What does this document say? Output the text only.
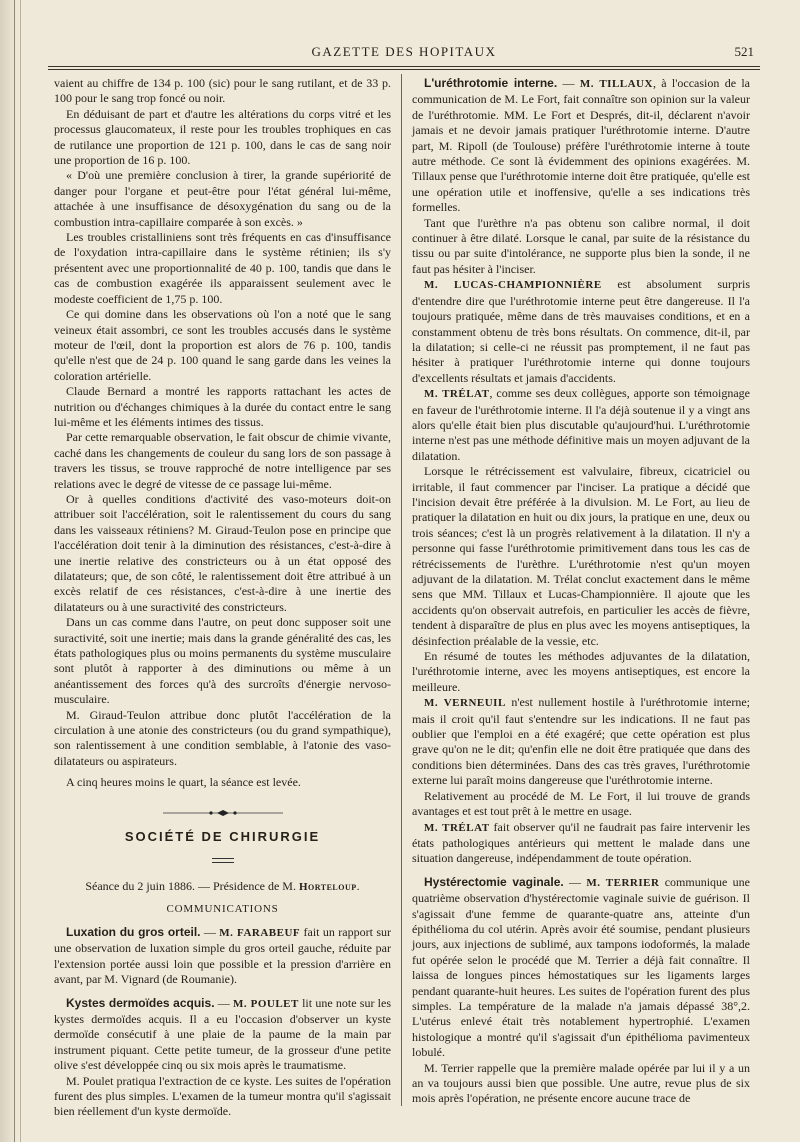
GAZETTE DES HOPITAUX	521

vaient au chiffre de 134 p. 100 (sic) pour le sang rutilant, et de 33 p. 100 pour le sang trop foncé ou noir.

En déduisant de part et d'autre les altérations du corps vitré et les processus glaucomateux, il reste pour les troubles trophiques en cas de rutilance une proportion de 121 p. 100, dans le cas de sang noir une proportion de 16 p. 100.

« D'où une première conclusion à tirer, la grande supériorité de danger pour l'organe et peut-être pour l'état général lui-même, attachée à une insuffisance de désoxygénation du sang ou de la combustion intra-capillaire comparée à son excès. »

Les troubles cristalliniens sont très fréquents en cas d'insuffisance de l'oxydation intra-capillaire dans le système rétinien; ils s'y présentent avec une proportionnalité de 40 p. 100, tandis que dans le cas de combustion exagérée ils apparaissent seulement avec le modeste coefficient de 1,75 p. 100.

Ce qui domine dans les observations où l'on a noté que le sang veineux était assombri, ce sont les troubles accusés dans le système moteur de l'œil, dont la proportion est alors de 76 p. 100, tandis qu'elle n'est que de 24 p. 100 quand le sang garde dans les veines la coloration artérielle.

Claude Bernard a montré les rapports rattachant les actes de nutrition ou d'échanges chimiques à la durée du contact entre le sang lui-même et les éléments intimes des tissus.

Par cette remarquable observation, le fait obscur de chimie vivante, caché dans les changements de couleur du sang lors de son passage à travers les tissus, se trouve rapproché de notre intelligence par ses relations avec le degré de vitesse de ce passage lui-même.

Or à quelles conditions d'activité des vaso-moteurs doit-on attribuer soit l'accélération, soit le ralentissement du cours du sang dans les vaisseaux rétiniens? M. Giraud-Teulon pose en principe que l'accélération doit tenir à la diminution des résistances, c'est-à-dire à une inertie relative des constricteurs ou à un état opposé des dilatateurs; que, de son côté, le ralentissement doit être attribué à un excès relatif de ces résistances, c'est-à-dire à une inertie des dilatateurs ou à une suractivité des constricteurs.

Dans un cas comme dans l'autre, on peut donc supposer soit une suractivité, soit une inertie; mais dans la grande généralité des cas, les états pathologiques plus ou moins permanents du système musculaire sont plutôt à rapporter à des diminutions ou même à un anéantissement des forces qu'à des surcroîts d'énergie nervoso-musculaire.

M. Giraud-Teulon attribue donc plutôt l'accélération de la circulation à une atonie des constricteurs (ou du grand sympathique), son ralentissement à une condition semblable, à l'atonie des vaso-dilatateurs ou aspirateurs.

A cinq heures moins le quart, la séance est levée.

SOCIÉTÉ DE CHIRURGIE

Séance du 2 juin 1886. — Présidence de M. Horteloup.

COMMUNICATIONS

Luxation du gros orteil. — M. FARABEUF fait un rapport sur une observation de luxation simple du gros orteil gauche, réduite par l'extension portée aussi loin que possible et la pression d'arrière en avant, par M. Vignard (de Roumanie).

Kystes dermoïdes acquis. — M. POULET lit une note sur les kystes dermoïdes acquis. Il a eu l'occasion d'observer un kyste dermoïde consécutif à une plaie de la paume de la main par instrument piquant. Cette petite tumeur, de la grosseur d'une petite olive s'est développée cinq ou six mois après le traumatisme.

M. Poulet pratiqua l'extraction de ce kyste. Les suites de l'opération furent des plus simples. L'examen de la tumeur montra qu'il s'agissait bien réellement d'un kyste dermoïde.

L'uréthrotomie interne. — M. TILLAUX, à l'occasion de la communication de M. Le Fort, fait connaître son opinion sur la valeur de l'uréthrotomie. MM. Le Fort et Després, dit-il, déclarent n'avoir jamais et ne devoir jamais pratiquer l'uréthrotomie interne. D'autre part, M. Ripoll (de Toulouse) préfère l'uréthrotomie interne à toute autre méthode. Ce sont là évidemment des opinions exagérées. M. Tillaux pense que l'uréthrotomie interne doit être pratiquée, qu'elle est une opération utile et inoffensive, qu'elle a ses indications très formelles.

Tant que l'urèthre n'a pas obtenu son calibre normal, il doit continuer à être dilaté. Lorsque le canal, par suite de la résistance du tissu ou par suite d'intolérance, ne supporte plus bien la sonde, il ne faut pas hésiter à l'inciser.

M. LUCAS-CHAMPIONNIÈRE est absolument surpris d'entendre dire que l'uréthrotomie interne peut être dangereuse. Il l'a toujours pratiquée, même dans de très mauvaises conditions, et en a constamment obtenu de très bons résultats. On commence, dit-il, par la dilatation; si celle-ci ne réussit pas promptement, il ne faut pas hésiter à pratiquer l'uréthrotomie interne qui donne toujours d'excellents résultats et jamais d'accidents.

M. TRÉLAT, comme ses deux collègues, apporte son témoignage en faveur de l'uréthrotomie interne. Il l'a déjà soutenue il y a vingt ans alors qu'elle était bien plus discutable qu'aujourd'hui. L'uréthrotomie interne n'est pas une méthode définitive mais un moyen adjuvant de la dilatation.

Lorsque le rétrécissement est valvulaire, fibreux, cicatriciel ou irritable, il faut commencer par l'inciser. La pratique a décidé que l'incision devait être préférée à la divulsion. M. Le Fort, au lieu de pratiquer la dilatation en huit ou dix jours, la pratique en une, deux ou trois séances; c'est là un progrès relativement à la dilatation. Il n'y a personne qui fasse l'uréthrotomie primitivement dans tous les cas de rétrécissements de l'urèthre. L'uréthrotomie n'est qu'un moyen adjuvant de la dilatation. M. Trélat conclut exactement dans le même sens que MM. Tillaux et Lucas-Championnière. Il ajoute que les accidents qu'on observait autrefois, en particulier les accès de fièvre, tendent à disparaître de plus en plus avec les moyens antiseptiques, la désinfection préalable de la vessie, etc.

En résumé de toutes les méthodes adjuvantes de la dilatation, l'uréthrotomie interne, avec les moyens antiseptiques, est encore la meilleure.

M. VERNEUIL n'est nullement hostile à l'uréthrotomie interne; mais il croit qu'il faut s'entendre sur les indications. Il ne faut pas oublier que l'emploi en a été exagéré; que cette opération est plus grave qu'on ne le dit; qu'enfin elle ne doit être pratiquée que dans des conditions bien déterminées. Dans des cas très graves, l'uréthrotomie externe lui paraît moins dangereuse que l'uréthrotomie interne.

Relativement au procédé de M. Le Fort, il lui trouve de grands avantages et est tout prêt à le mettre en usage.

M. TRÉLAT fait observer qu'il ne faudrait pas faire intervenir les états pathologiques antérieurs qui mettent le malade dans une situation dangereuse, indépendamment de toute opération.

Hystérectomie vaginale. — M. TERRIER communique une quatrième observation d'hystérectomie vaginale suivie de guérison. Il s'agissait d'une femme de quarante-quatre ans, atteinte d'un épithélioma du col utérin. Après avoir été soumise, pendant plusieurs jours, aux injections de sublimé, aux tampons iodoformés, la malade fut opérée selon le procédé que M. Terrier a déjà fait connaître. Il laissa de longues pinces hémostatiques sur les ligaments larges pendant quarante-huit heures. Les suites de l'opération furent des plus simples. La température de la malade n'a jamais dépassé 38°,2. L'utérus enlevé était très notablement hypertrophié. L'examen histologique a montré qu'il s'agissait d'un épithélioma pavimenteux lobulé.

M. Terrier rappelle que la première malade opérée par lui il y a un an va toujours aussi bien que possible. Une autre, revue plus de six mois après l'opération, ne présente encore aucune trace de
